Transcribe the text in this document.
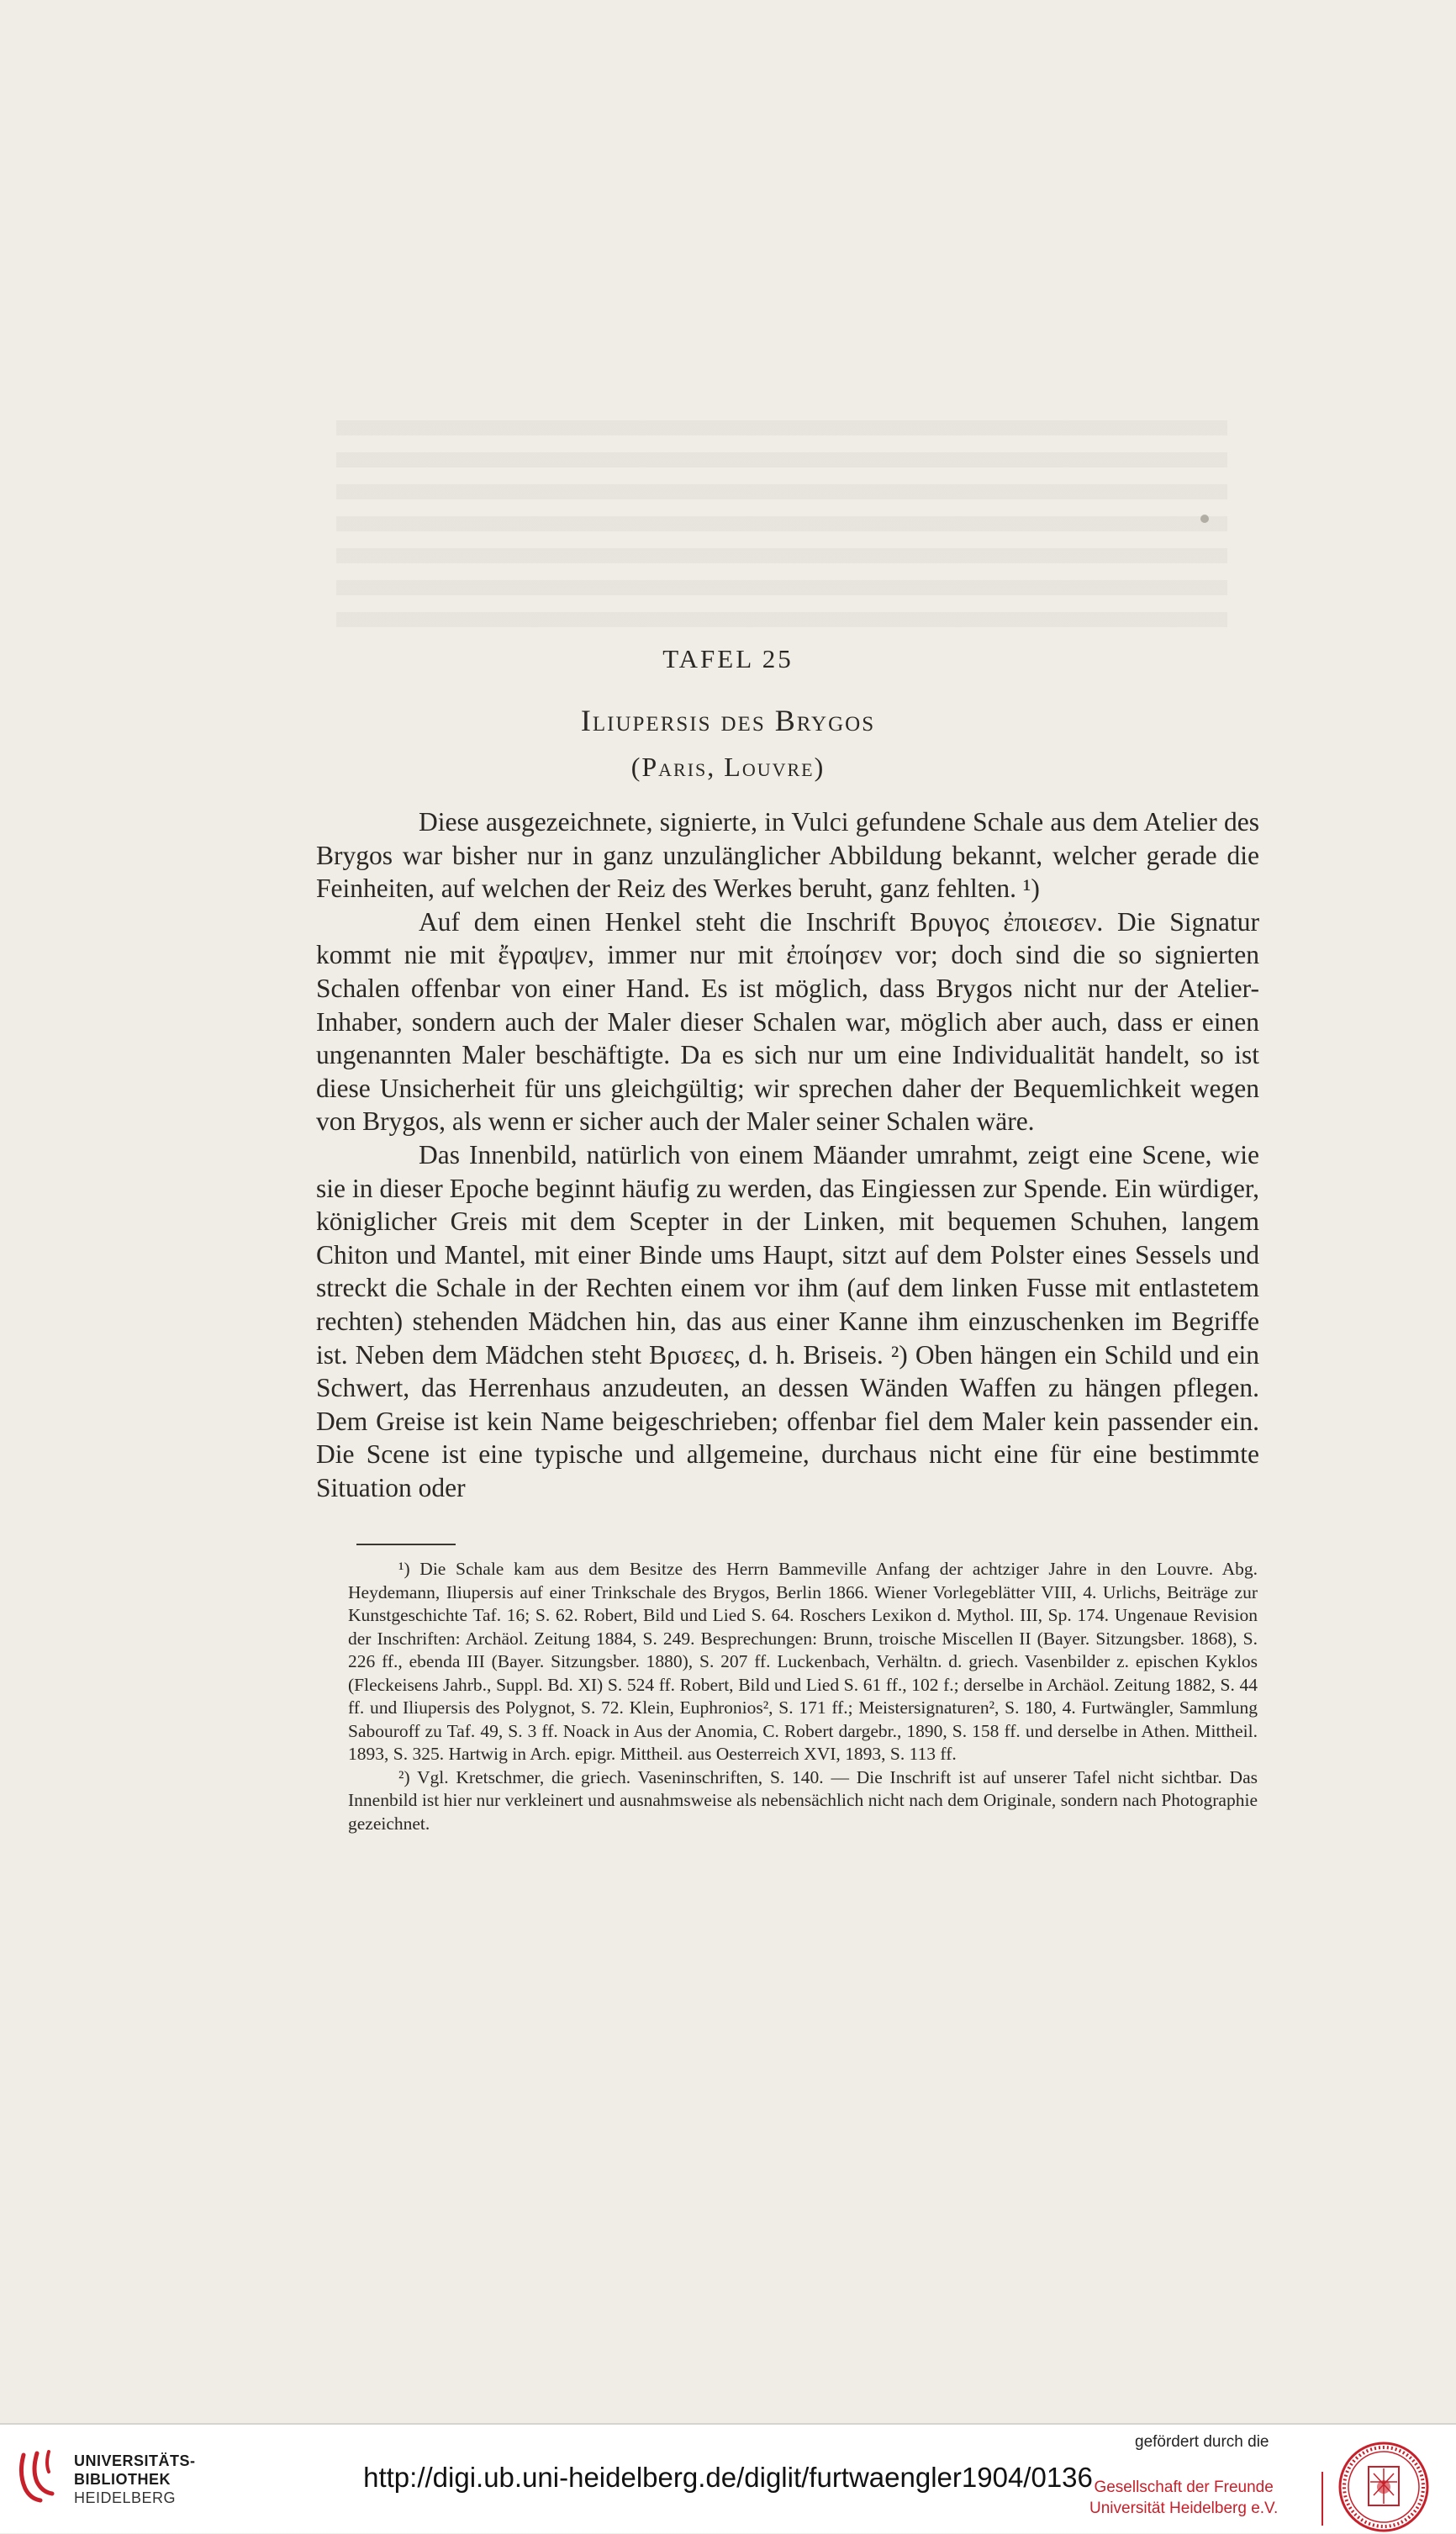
TAFEL 25
Iliupersis des Brygos
(Paris, Louvre)

Diese ausgezeichnete, signierte, in Vulci gefundene Schale aus dem Atelier des Brygos war bisher nur in ganz unzulänglicher Abbildung bekannt, welcher gerade die Feinheiten, auf welchen der Reiz des Werkes beruht, ganz fehlten. ¹)

Auf dem einen Henkel steht die Inschrift Βρυγος ἐποιεσεν. Die Signatur kommt nie mit ἔγραψεν, immer nur mit ἐποίησεν vor; doch sind die so signierten Schalen offenbar von einer Hand. Es ist möglich, dass Brygos nicht nur der Atelier-Inhaber, sondern auch der Maler dieser Schalen war, möglich aber auch, dass er einen ungenannten Maler beschäftigte. Da es sich nur um eine Individualität handelt, so ist diese Unsicherheit für uns gleichgültig; wir sprechen daher der Bequemlichkeit wegen von Brygos, als wenn er sicher auch der Maler seiner Schalen wäre.

Das Innenbild, natürlich von einem Mäander umrahmt, zeigt eine Scene, wie sie in dieser Epoche beginnt häufig zu werden, das Eingiessen zur Spende. Ein würdiger, königlicher Greis mit dem Scepter in der Linken, mit bequemen Schuhen, langem Chiton und Mantel, mit einer Binde ums Haupt, sitzt auf dem Polster eines Sessels und streckt die Schale in der Rechten einem vor ihm (auf dem linken Fusse mit entlastetem rechten) stehenden Mädchen hin, das aus einer Kanne ihm einzuschenken im Begriffe ist. Neben dem Mädchen steht Βρισεες, d. h. Briseis. ²) Oben hängen ein Schild und ein Schwert, das Herrenhaus anzudeuten, an dessen Wänden Waffen zu hängen pflegen. Dem Greise ist kein Name beigeschrieben; offenbar fiel dem Maler kein passender ein. Die Scene ist eine typische und allgemeine, durchaus nicht eine für eine bestimmte Situation oder

¹) Die Schale kam aus dem Besitze des Herrn Bammeville Anfang der achtziger Jahre in den Louvre. Abg. Heydemann, Iliupersis auf einer Trinkschale des Brygos, Berlin 1866. Wiener Vorlegeblätter VIII, 4. Urlichs, Beiträge zur Kunstgeschichte Taf. 16; S. 62. Robert, Bild und Lied S. 64. Roschers Lexikon d. Mythol. III, Sp. 174. Ungenaue Revision der Inschriften: Archäol. Zeitung 1884, S. 249. Besprechungen: Brunn, troische Miscellen II (Bayer. Sitzungsber. 1868), S. 226 ff., ebenda III (Bayer. Sitzungsber. 1880), S. 207 ff. Luckenbach, Verhältn. d. griech. Vasenbilder z. epischen Kyklos (Fleckeisens Jahrb., Suppl. Bd. XI) S. 524 ff. Robert, Bild und Lied S. 61 ff., 102 f.; derselbe in Archäol. Zeitung 1882, S. 44 ff. und Iliupersis des Polygnot, S. 72. Klein, Euphronios², S. 171 ff.; Meistersignaturen², S. 180, 4. Furtwängler, Sammlung Sabouroff zu Taf. 49, S. 3 ff. Noack in Aus der Anomia, C. Robert dargebr., 1890, S. 158 ff. und derselbe in Athen. Mittheil. 1893, S. 325. Hartwig in Arch. epigr. Mittheil. aus Oesterreich XVI, 1893, S. 113 ff.

²) Vgl. Kretschmer, die griech. Vaseninschriften, S. 140. — Die Inschrift ist auf unserer Tafel nicht sichtbar. Das Innenbild ist hier nur verkleinert und ausnahmsweise als nebensächlich nicht nach dem Originale, sondern nach Photographie gezeichnet.

UNIVERSITÄTS-
BIBLIOTHEK
HEIDELBERG
http://digi.ub.uni-heidelberg.de/diglit/furtwaengler1904/0136
gefördert durch die
Gesellschaft der Freunde
Universität Heidelberg e.V.
